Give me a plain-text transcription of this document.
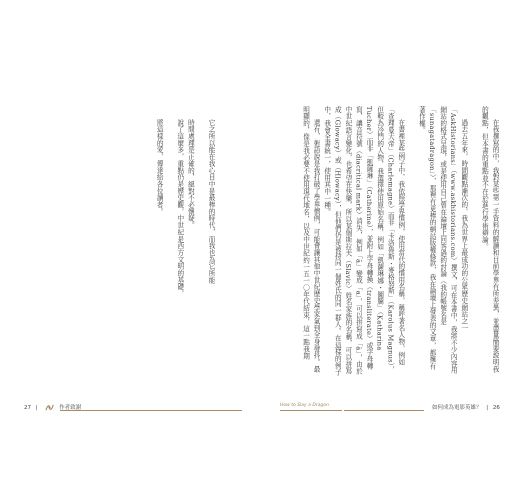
它之所以能在我心目中是最棒的時代，而我也為它所能

時間處理是正確的，絕對不必懷疑。

說了這麼多，重點仍是歷史觀，中世紀是西方文明的基礎，

將這樣的愛，傳達給各位讀者。

27 |	作者致謝

在我撰寫的中，我對某些第一手資料的解讀和目前學界有所差異，並盡量簡要說明我的觀點，但本書的重點並不在於進行學術辯論。

過去五年來，時間觀點漸次的，我為世界上最成功的公眾歷史網站之一「AskHistorians」（www.askhistorians.com）撰文，可在本書中，我將不少內容用網站的格式呈現，或是使用自己曾在論壇上回答過的討論（我的帳號名是「sunagatadragon」），那裡有更棒的網站版權條款，我在論壇上發表的文章，都擁有著作權。

在書裡某些例子中，我依照學界慣例，使用當代的慣用名稱，稱呼著名人物，例如「查理曼大帝」（Charlemagne）而非「卡洛魯斯・麥格努斯」（Karolus Magnus），但較為冷門的人物，我選擇使用原始名稱，例如「凱薩琳娜・圖騰」（Katharina Tucher）而非「凱薩琳」（Catherine），並附上字母轉換（transliterate）或字母轉寫，讓音符號（diacritical mark）消失，例如「ā」變成「a」，可以拼寫成「ä」，由於中世紀語言變化，也希望在快樂，所以某個斯拉夫（Slavic）姓名家族的名稱，可以拼寫成（Glowacy）或（Hlowacy），但他們仍是被持同一個姓氏的同一群人。在這樣的例子中，我會全書統一，使用其中一種。

還有，術語說是我打破了學界慣例，可能會讓其他中世紀歷史學家氣到全身發抖。最明顯的，像是我必要不使用現代地名，以及中世紀約一五一〇年代結束，這一點我期

How to Slay a Dragon	如何成為電影英雄？ | 26
